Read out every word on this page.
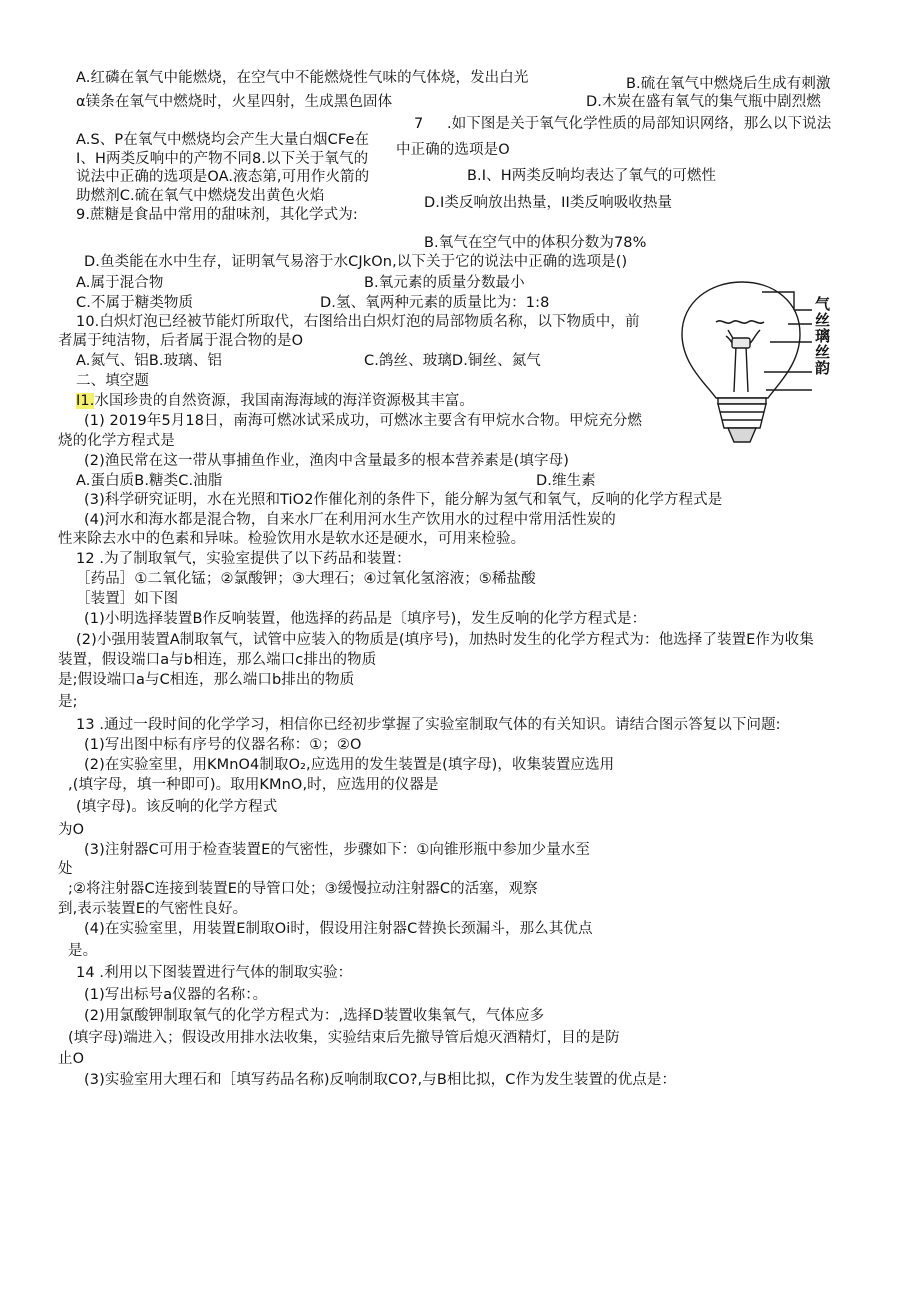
A.红磷在氧气中能燃烧，在空气中不能燃烧性气味的气体烧，发出白光	B.硫在氧气中燃烧后生成有刺激
α镁条在氧气中燃烧时，火星四射，生成黑色固体	D.木炭在盛有氧气的集气瓶中剧烈燃
7 .如下图是关于氧气化学性质的局部知识网络，那么以下说法
A.S、P在氧气中燃烧均会产生大量白烟CFe在
I、H两类反响中的产物不同8.以下关于氧气的
中正确的选项是O
说法中正确的选项是OA.液态第,可用作火箭的	B.I、H两类反响均表达了氧气的可燃性
助燃剂C.硫在氧气中燃烧发出黄色火焰	D.I类反响放出热量，II类反响吸收热量
9.蔗糖是食品中常用的甜味剂，其化学式为:
B.氧气在空气中的体积分数为78%
D.鱼类能在水中生存，证明氧气易溶于水CJkOn,以下关于它的说法中正确的选项是()
A.属于混合物	B.氧元素的质量分数最小
C.不属于糖类物质	D.氢、氧两种元素的质量比为：1:8
10.白炽灯泡已经被节能灯所取代，右图给出白炽灯泡的局部物质名称，以下物质中，前
者属于纯洁物，后者属于混合物的是O
A.氮气、铝B.玻璃、铝	C.鸽丝、玻璃D.铜丝、氮气
二、填空题
I1.水国珍贵的自然资源，我国南海海域的海洋资源极其丰富。
(1) 2019年5月18日，南海可燃冰试采成功，可燃冰主要含有甲烷水合物。甲烷充分燃
烧的化学方程式是
(2)渔民常在这一带从事捕鱼作业，渔肉中含量最多的根本营养素是(填字母)
A.蛋白质B.糖类C.油脂	D.维生素
(3)科学研究证明，水在光照和TiO2作催化剂的条件下，能分解为氢气和氧气，反响的化学方程式是
(4)河水和海水都是混合物，自来水厂在利用河水生产饮用水的过程中常用活性炭的
性来除去水中的色素和异味。检验饮用水是软水还是硬水，可用来检验。
12 .为了制取氧气，实验室提供了以下药品和装置：
［药品］①二氧化锰；②氯酸钾；③大理石；④过氧化氢溶液；⑤稀盐酸
［装置］如下图
(1)小明选择装置B作反响装置，他选择的药品是〔填序号)，发生反响的化学方程式是：
(2)小强用装置A制取氧气，试管中应装入的物质是(填序号)，加热时发生的化学方程式为：他选择了装置E作为收集
装置，假设端口a与b相连，那么端口c排出的物质
是;假设端口a与C相连，那么端口b排出的物质
是;
13 .通过一段时间的化学学习，相信你已经初步掌握了实验室制取气体的有关知识。请结合图示答复以下问题:
(1)写出图中标有序号的仪器名称：①；②O
(2)在实验室里，用KMnO4制取O₂,应选用的发生装置是(填字母)，收集装置应选用
,(填字母，填一种即可)。取用KMnO,时，应选用的仪器是
(填字母)。该反响的化学方程式
为O
(3)注射器C可用于检查装置E的气密性，步骤如下：①向锥形瓶中参加少量水至
处
;②将注射器C连接到装置E的导管口处；③缓慢拉动注射器C的活塞，观察
到,表示装置E的气密性良好。
(4)在实验室里，用装置E制取Oi时，假设用注射器C替换长颈漏斗，那么其优点
是。
14 .利用以下图装置进行气体的制取实验：
(1)写出标号a仪器的名称：。
(2)用氯酸钾制取氧气的化学方程式为：,选择D装置收集氧气，气体应多
(填字母)端进入；假设改用排水法收集，实验结束后先撤导管后熄灭酒精灯，目的是防
止O
(3)实验室用大理石和［填写药品名称)反响制取CO?,与B相比拟，C作为发生装置的优点是：
气
丝
璃
丝
韵
